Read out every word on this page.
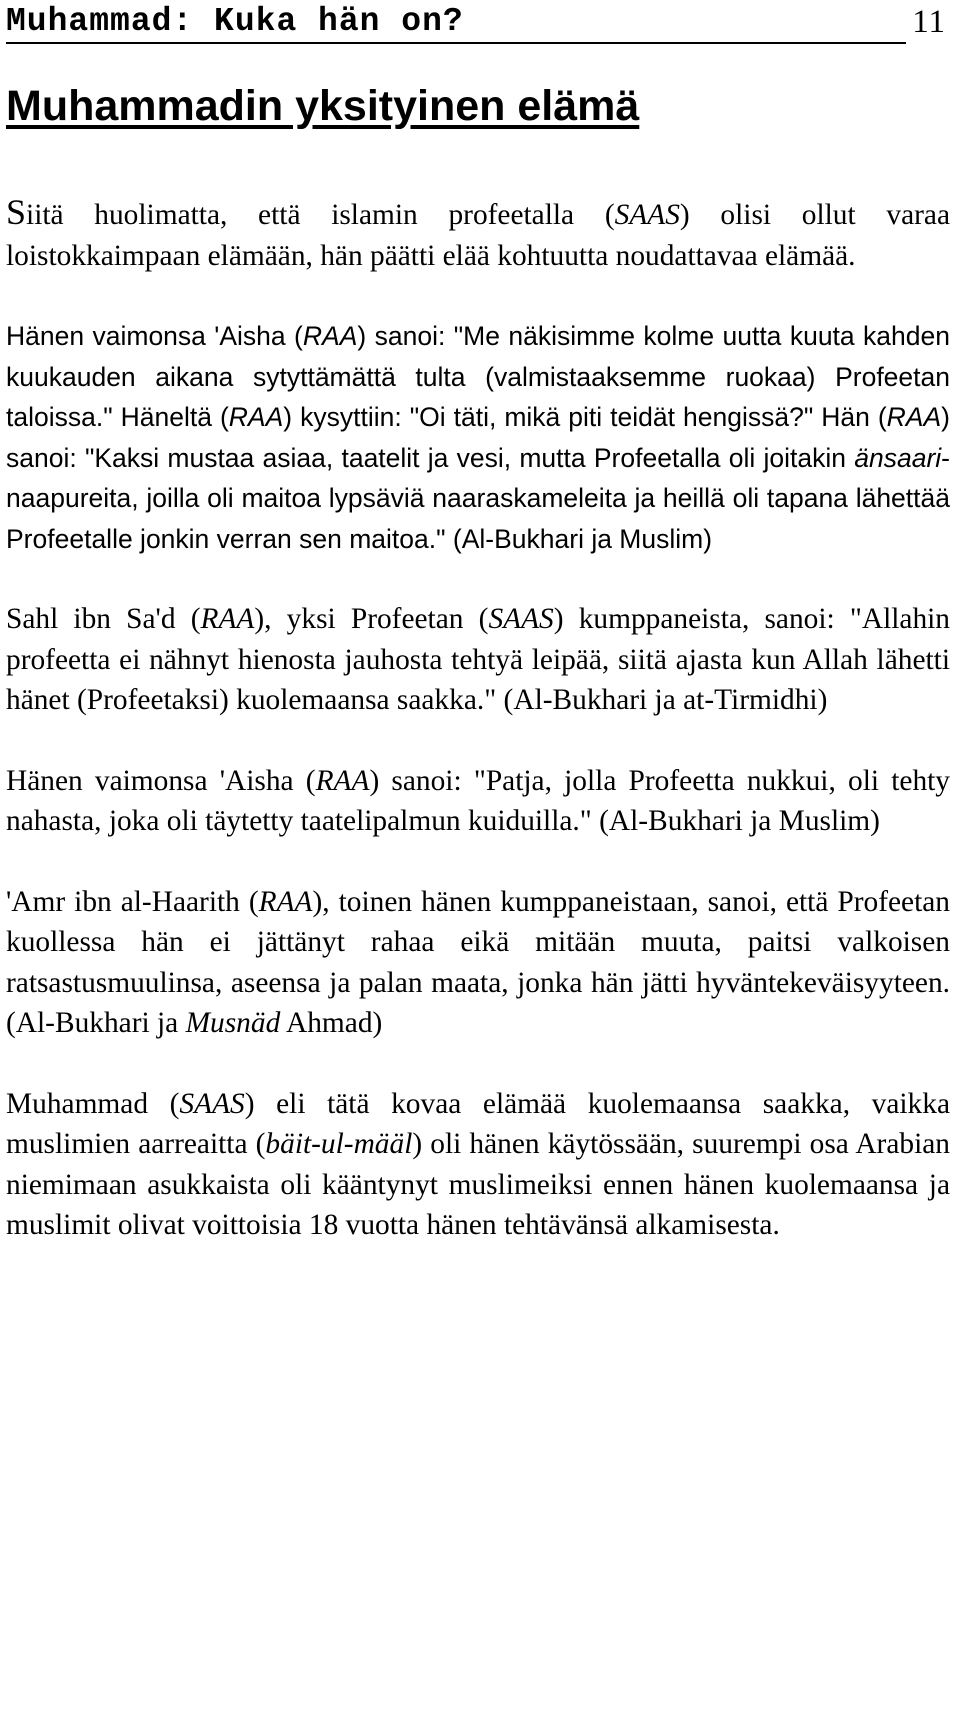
Muhammad: Kuka hän on?	11
Muhammadin yksityinen elämä

Siitä huolimatta, että islamin profeetalla (SAAS) olisi ollut varaa loistokkaimpaan elämään, hän päätti elää kohtuutta noudattavaa elämää.

Hänen vaimonsa 'Aisha (RAA) sanoi: "Me näkisimme kolme uutta kuuta kahden kuukauden aikana sytyttämättä tulta (valmistaaksemme ruokaa) Profeetan taloissa." Häneltä (RAA) kysyttiin: "Oi täti, mikä piti teidät hengissä?" Hän (RAA) sanoi: "Kaksi mustaa asiaa, taatelit ja vesi, mutta Profeetalla oli joitakin änsaari-naapureita, joilla oli maitoa lypsäviä naaraskameleita ja heillä oli tapana lähettää Profeetalle jonkin verran sen maitoa." (Al-Bukhari ja Muslim)

Sahl ibn Sa'd (RAA), yksi Profeetan (SAAS) kumppaneista, sanoi: "Allahin profeetta ei nähnyt hienosta jauhosta tehtyä leipää, siitä ajasta kun Allah lähetti hänet (Profeetaksi) kuolemaansa saakka." (Al-Bukhari ja at-Tirmidhi)

Hänen vaimonsa 'Aisha (RAA) sanoi: "Patja, jolla Profeetta nukkui, oli tehty nahasta, joka oli täytetty taatelipalmun kuiduilla." (Al-Bukhari ja Muslim)

'Amr ibn al-Haarith (RAA), toinen hänen kumppaneistaan, sanoi, että Profeetan kuollessa hän ei jättänyt rahaa eikä mitään muuta, paitsi valkoisen ratsastusmuulinsa, aseensa ja palan maata, jonka hän jätti hyväntekeväisyyteen. (Al-Bukhari ja Musnäd Ahmad)

Muhammad (SAAS) eli tätä kovaa elämää kuolemaansa saakka, vaikka muslimien aarreaitta (bäit-ul-määl) oli hänen käytössään, suurempi osa Arabian niemimaan asukkaista oli kääntynyt muslimeiksi ennen hänen kuolemaansa ja muslimit olivat voittoisia 18 vuotta hänen tehtävänsä alkamisesta.
